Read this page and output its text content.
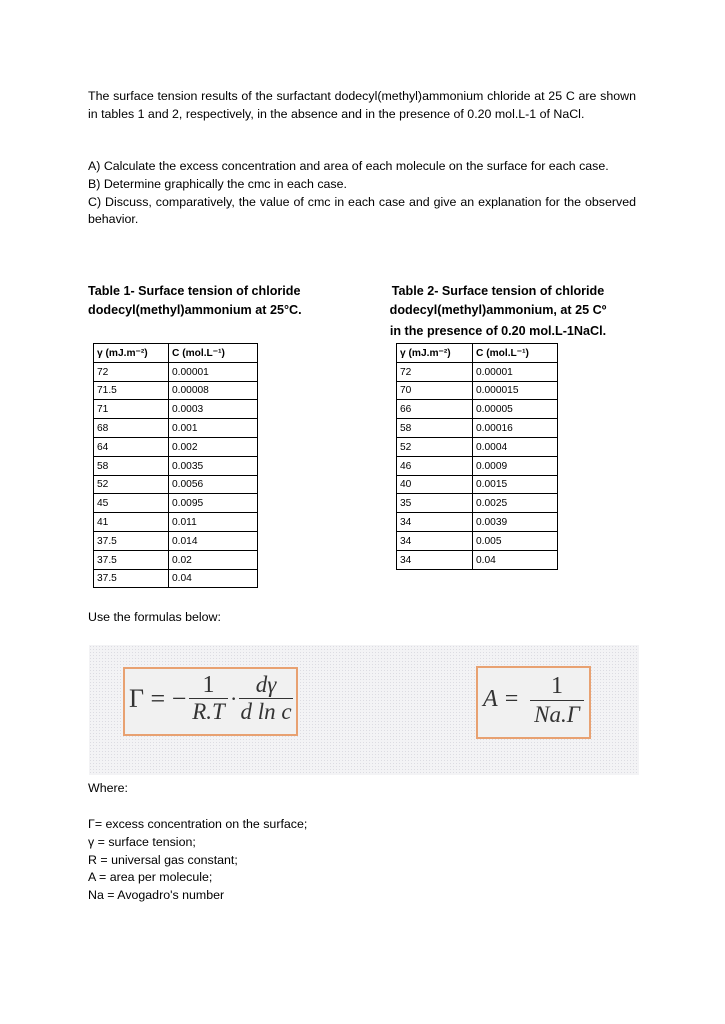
The surface tension results of the surfactant dodecyl(methyl)ammonium chloride at 25 C are shown in tables 1 and 2, respectively, in the absence and in the presence of 0.20 mol.L-1 of NaCl.

A) Calculate the excess concentration and area of each molecule on the surface for each case.
B) Determine graphically the cmc in each case.
C) Discuss, comparatively, the value of cmc in each case and give an explanation for the observed behavior.
Table 1- Surface tension of chloride
dodecyl(methyl)ammonium at 25°C.
Table 2- Surface tension of chloride
dodecyl(methyl)ammonium, at 25 Cº
in the presence of 0.20 mol.L-1NaCl.
γ (mJ.m⁻²)	C (mol.L⁻¹)
72	0.00001
71.5	0.00008
71	0.0003
68	0.001
64	0.002
58	0.0035
52	0.0056
45	0.0095
41	0.011
37.5	0.014
37.5	0.02
37.5	0.04
γ (mJ.m⁻²)	C (mol.L⁻¹)
72	0.00001
70	0.000015
66	0.00005
58	0.00016
52	0.0004
46	0.0009
40	0.0015
35	0.0025
34	0.0039
34	0.005
34	0.04

Use the formulas below:

Γ = − 1
R.T
·
dγ
d ln c	A =	1
Na.Γ

Where:

Γ= excess concentration on the surface;
γ = surface tension;
R = universal gas constant;
A = area per molecule;
Na = Avogadro's number
